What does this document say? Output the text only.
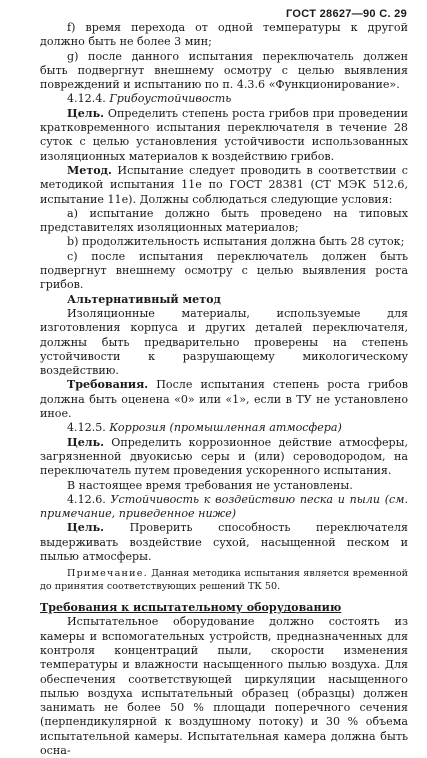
ГОСТ 28627—90 С. 29

f) время перехода от одной температуры к другой должно быть не более 3 мин;

g) после данного испытания переключатель должен быть подвергнут внешнему осмотру с целью выявления повреждений и испытанию по п. 4.3.6 «Функционирование».

4.12.4. Грибоустойчивость

Цель. Определить степень роста грибов при проведении кратковременного испытания переключателя в течение 28 суток с целью установления устойчивости использованных изоляционных материалов к воздействию грибов.

Метод. Испытание следует проводить в соответствии с методикой испытания 11е по ГОСТ 28381 (СТ МЭК 512.6, испытание 11е). Должны соблюдаться следующие условия:

a) испытание должно быть проведено на типовых представителях изоляционных материалов;

b) продолжительность испытания должна быть 28 суток;

c) после испытания переключатель должен быть подвергнут внешнему осмотру с целью выявления роста грибов.

Альтернативный метод

Изоляционные материалы, используемые для изготовления корпуса и других деталей переключателя, должны быть предварительно проверены на степень устойчивости к разрушающему микологическому воздействию.

Требования. После испытания степень роста грибов должна быть оценена «0» или «1», если в ТУ не установлено иное.

4.12.5. Коррозия (промышленная атмосфера)

Цель. Определить коррозионное действие атмосферы, загрязненной двуокисью серы и (или) сероводородом, на переключатель путем проведения ускоренного испытания.

В настоящее время требования не установлены.

4.12.6. Устойчивость к воздействию песка и пыли (см. примечание, приведенное ниже)

Цель. Проверить способность переключателя выдерживать воздействие сухой, насыщенной песком и пылью атмосферы.

Примечание. Данная методика испытания является временной до принятия соответствующих решений ТК 50.

Требования к испытательному оборудованию

Испытательное оборудование должно состоять из камеры и вспомогательных устройств, предназначенных для контроля концентраций пыли, скорости изменения температуры и влажности насыщенного пылью воздуха. Для обеспечения соответствующей циркуляции насыщенного пылью воздуха испытательный образец (образцы) должен занимать не более 50 % площади поперечного сечения (перпендикулярной к воздушному потоку) и 30 % объема испытательной камеры. Испытательная камера должна быть осна-
